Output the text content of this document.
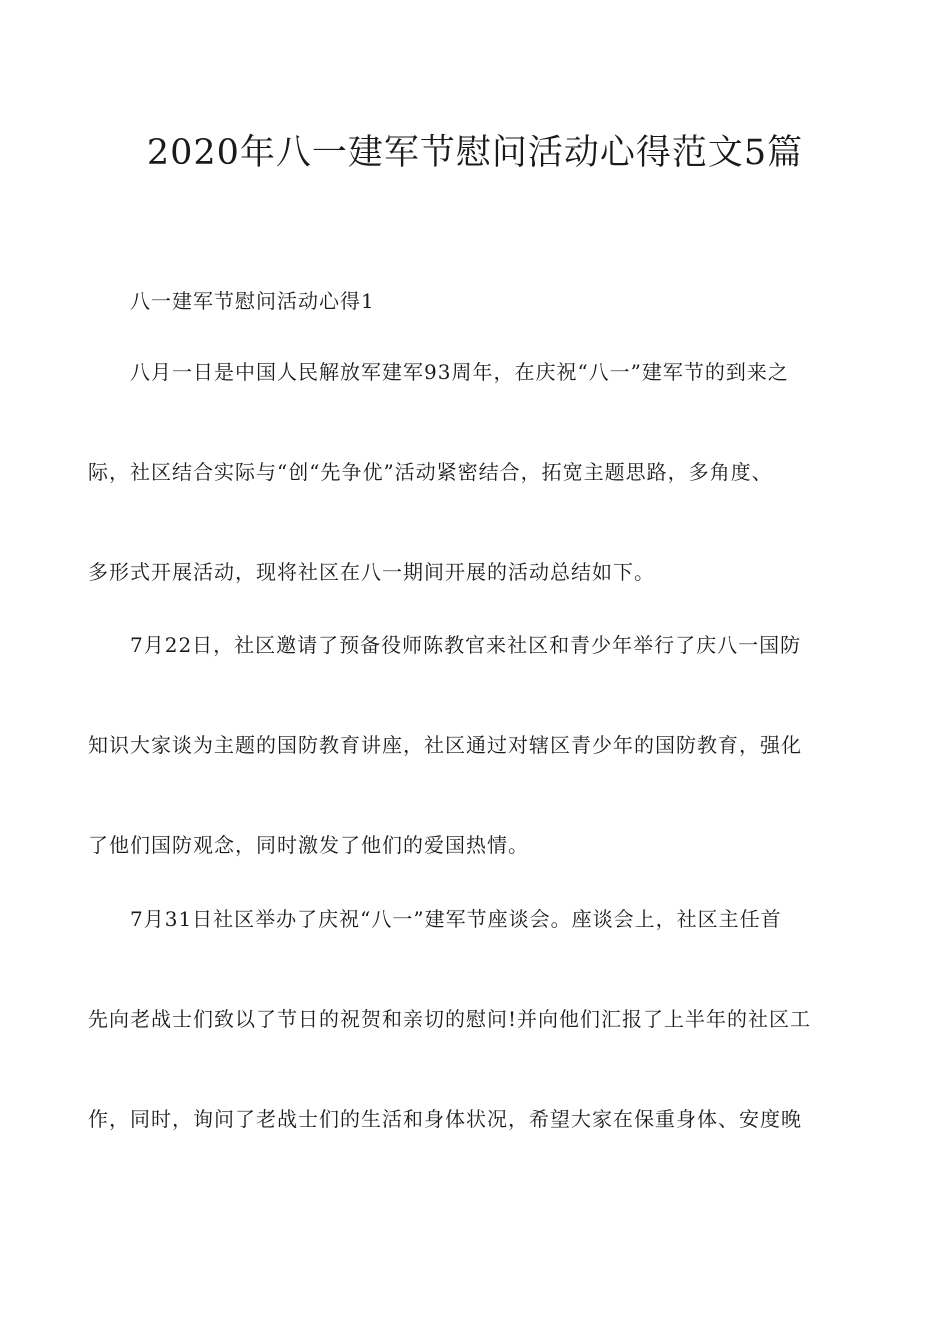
2020年八一建军节慰问活动心得范文5篇
八一建军节慰问活动心得1
八月一日是中国人民解放军建军93周年，在庆祝“八一”建军节的到来之
际，社区结合实际与“创“先争优”活动紧密结合，拓宽主题思路，多角度、
多形式开展活动，现将社区在八一期间开展的活动总结如下。
7月22日，社区邀请了预备役师陈教官来社区和青少年举行了庆八一国防
知识大家谈为主题的国防教育讲座，社区通过对辖区青少年的国防教育，强化
了他们国防观念，同时激发了他们的爱国热情。
7月31日社区举办了庆祝“八一”建军节座谈会。座谈会上，社区主任首
先向老战士们致以了节日的祝贺和亲切的慰问!并向他们汇报了上半年的社区工
作，同时，询问了老战士们的生活和身体状况，希望大家在保重身体、安度晚
